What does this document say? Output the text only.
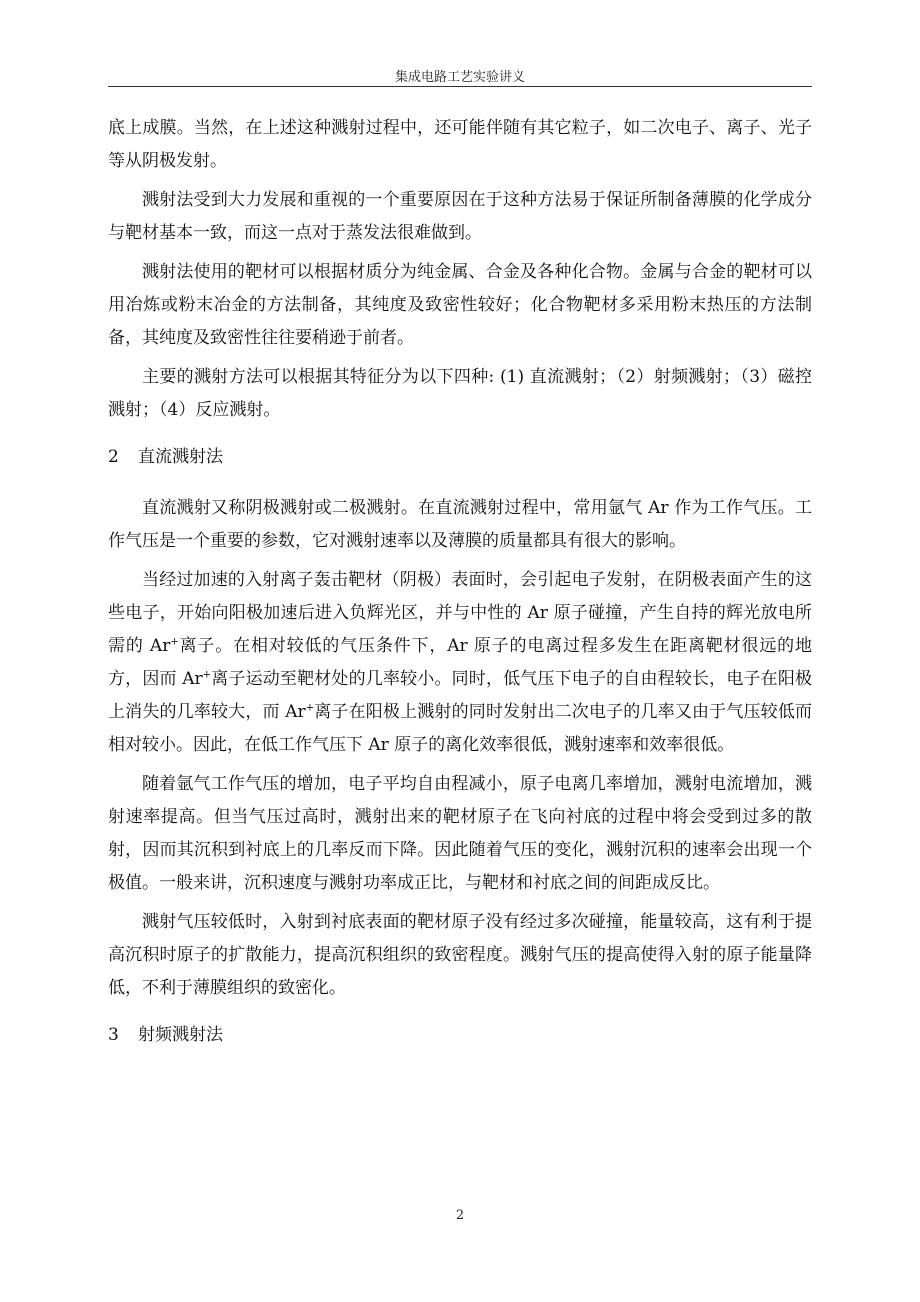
集成电路工艺实验讲义

底上成膜。当然，在上述这种溅射过程中，还可能伴随有其它粒子，如二次电子、离子、光子等从阴极发射。

溅射法受到大力发展和重视的一个重要原因在于这种方法易于保证所制备薄膜的化学成分与靶材基本一致，而这一点对于蒸发法很难做到。

溅射法使用的靶材可以根据材质分为纯金属、合金及各种化合物。金属与合金的靶材可以用冶炼或粉末冶金的方法制备，其纯度及致密性较好；化合物靶材多采用粉末热压的方法制备，其纯度及致密性往往要稍逊于前者。

主要的溅射方法可以根据其特征分为以下四种: (1) 直流溅射；（2）射频溅射；（3）磁控溅射；（4）反应溅射。

2 直流溅射法

直流溅射又称阴极溅射或二极溅射。在直流溅射过程中，常用氩气 Ar 作为工作气压。工作气压是一个重要的参数，它对溅射速率以及薄膜的质量都具有很大的影响。

当经过加速的入射离子轰击靶材（阴极）表面时，会引起电子发射，在阴极表面产生的这些电子，开始向阳极加速后进入负辉光区，并与中性的 Ar 原子碰撞，产生自持的辉光放电所需的 Ar+离子。在相对较低的气压条件下，Ar 原子的电离过程多发生在距离靶材很远的地方，因而 Ar+离子运动至靶材处的几率较小。同时，低气压下电子的自由程较长，电子在阳极上消失的几率较大，而 Ar+离子在阳极上溅射的同时发射出二次电子的几率又由于气压较低而相对较小。因此，在低工作气压下 Ar 原子的离化效率很低，溅射速率和效率很低。

随着氩气工作气压的增加，电子平均自由程减小，原子电离几率增加，溅射电流增加，溅射速率提高。但当气压过高时，溅射出来的靶材原子在飞向衬底的过程中将会受到过多的散射，因而其沉积到衬底上的几率反而下降。因此随着气压的变化，溅射沉积的速率会出现一个极值。一般来讲，沉积速度与溅射功率成正比，与靶材和衬底之间的间距成反比。

溅射气压较低时，入射到衬底表面的靶材原子没有经过多次碰撞，能量较高，这有利于提高沉积时原子的扩散能力，提高沉积组织的致密程度。溅射气压的提高使得入射的原子能量降低，不利于薄膜组织的致密化。

3 射频溅射法

2
